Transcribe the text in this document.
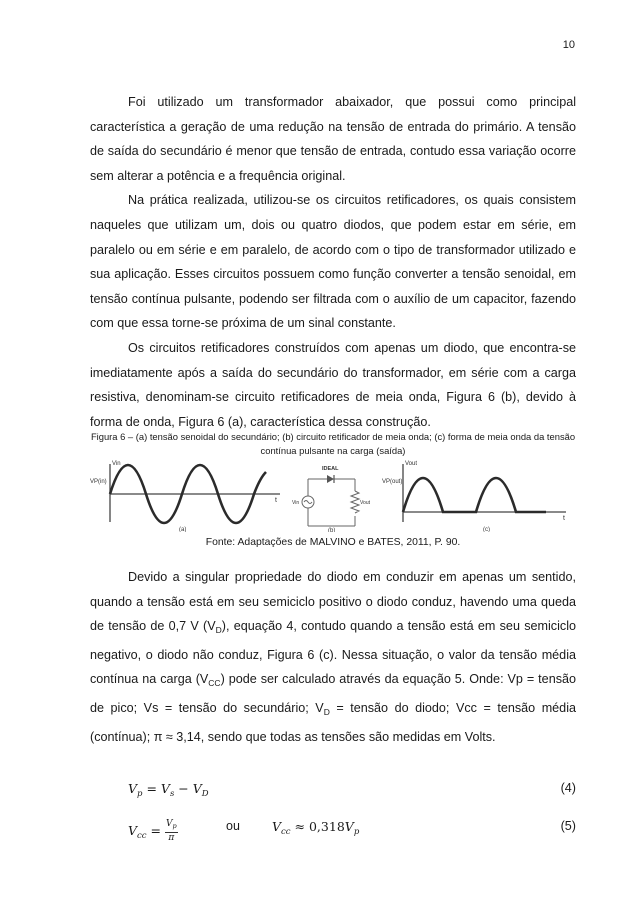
10

Foi utilizado um transformador abaixador, que possui como principal característica a geração de uma redução na tensão de entrada do primário. A tensão de saída do secundário é menor que tensão de entrada, contudo essa variação ocorre sem alterar a potência e a frequência original.

Na prática realizada, utilizou-se os circuitos retificadores, os quais consistem naqueles que utilizam um, dois ou quatro diodos, que podem estar em série, em paralelo ou em série e em paralelo, de acordo com o tipo de transformador utilizado e sua aplicação. Esses circuitos possuem como função converter a tensão senoidal, em tensão contínua pulsante, podendo ser filtrada com o auxílio de um capacitor, fazendo com que essa torne-se próxima de um sinal constante.

Os circuitos retificadores construídos com apenas um diodo, que encontra-se imediatamente após a saída do secundário do transformador, em série com a carga resistiva, denominam-se circuito retificadores de meia onda, Figura 6 (b), devido à forma de onda, Figura 6 (a), característica dessa construção.

Figura 6 – (a) tensão senoidal do secundário; (b) circuito retificador de meia onda; (c) forma de meia onda da tensão contínua pulsante na carga (saída)
Vin
VP(in)
t
(a)
IDEAL
Vin	Vout
(b)
Vout
VP(out)
t
(c)
Fonte: Adaptações de MALVINO e BATES, 2011, P. 90.

Devido a singular propriedade do diodo em conduzir em apenas um sentido, quando a tensão está em seu semiciclo positivo o diodo conduz, havendo uma queda de tensão de 0,7 V $(V_D)$, equação 4, contudo quando a tensão está em seu semiciclo negativo, o diodo não conduz, Figura 6 (c). Nessa situação, o valor da tensão média contínua na carga $(V_{CC})$ pode ser calculado através da equação 5. Onde: Vp = tensão de pico; Vs = tensão do secundário; $V_D$ = tensão do diodo; Vcc = tensão média (contínua); π ≈ 3,14, sendo que todas as tensões são medidas em Volts.

$V_p = V_s - V_D$	(4)
$V_{cc} = \frac{V_p}{\pi}$	ou	$V_{cc} \approx 0,318V_p$	(5)
